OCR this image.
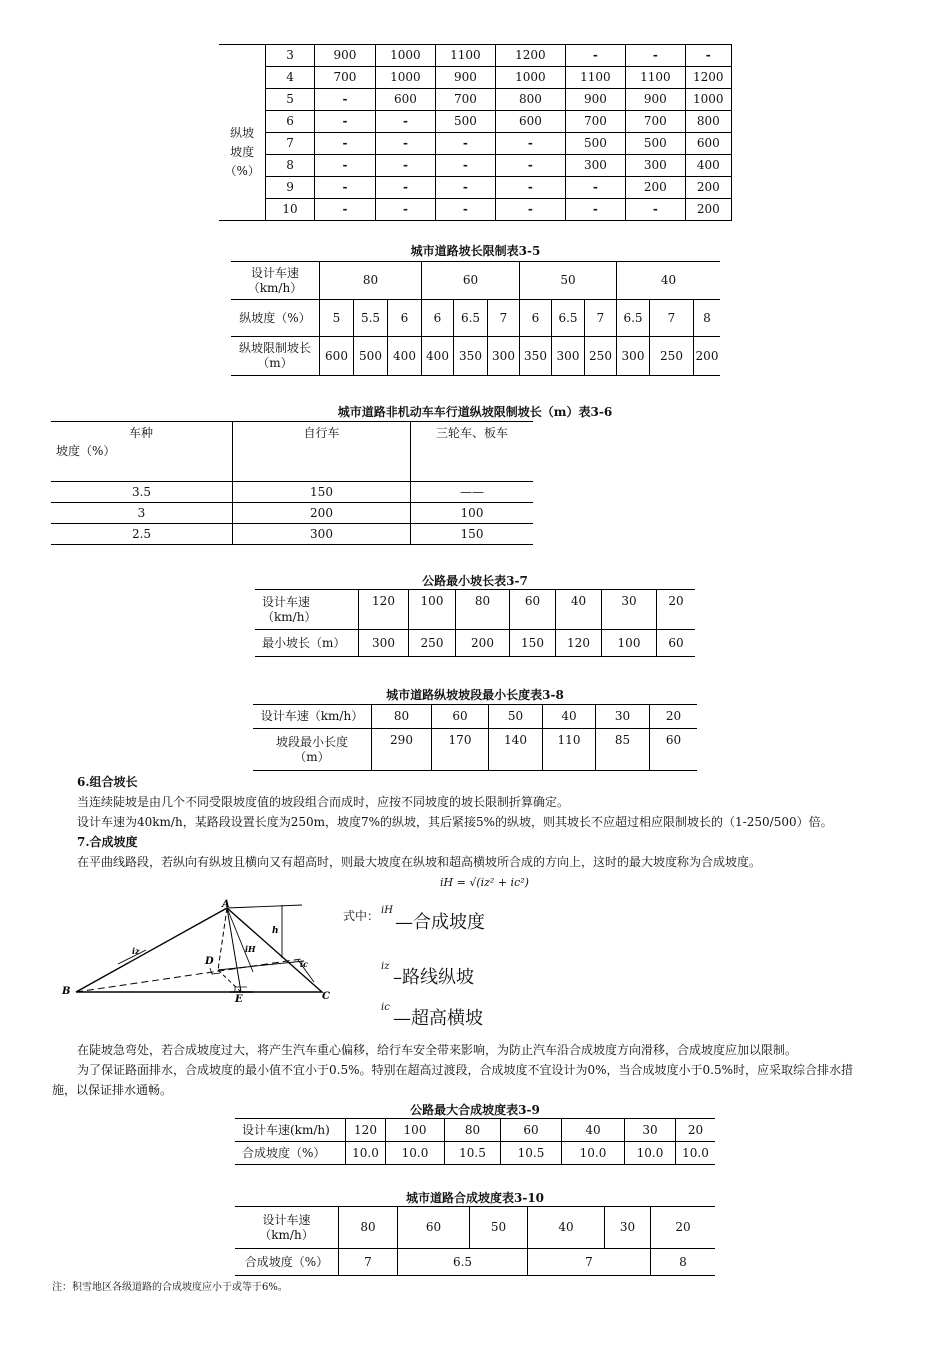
纵坡
坡度
（%）	3	900	1000	1100	1200	-	-	-
	4	700	1000	900	1000	1100	1100	1200
	5	-	600	700	800	900	900	1000
	6	-	-	500	600	700	700	800
	7	-	-	-	-	500	500	600
	8	-	-	-	-	300	300	400
	9	-	-	-	-	-	200	200
	10	-	-	-	-	-	-	200
城市道路坡长限制表3-5
设计车速
（km/h）	80			60			50			40		
纵坡度（%）	5	5.5	6	6	6.5	7	6	6.5	7	6.5	7	8
纵坡限制坡长
（m）	600	500	400	400	350	300	350	300	250	300	250	200
城市道路非机动车车行道纵坡限制坡长（m）表3-6
车种
坡度（%）	自行车	三轮车、板车
3.5	150	——
3	200	100
2.5	300	150
公路最小坡长表3-7
设计车速
（km/h）	120	100	80	60	40	30	20
最小坡长（m）	300	250	200	150	120	100	60
城市道路纵坡坡段最小长度表3-8
设计车速（km/h）	80	60	50	40	30	20
坡段最小长度
（m）	290	170	140	110	85	60
6.组合坡长
当连续陡坡是由几个不同受限坡度值的坡段组合而成时，应按不同坡度的坡长限制折算确定。
设计车速为40km/h，某路段设置长度为250m，坡度7%的纵坡，其后紧接5%的纵坡，则其坡长不应超过相应限制坡长的（1-250/500）倍。
7.合成坡度
在平曲线路段，若纵向有纵坡且横向又有超高时，则最大坡度在纵坡和超高横坡所合成的方向上，这时的最大坡度称为合成坡度。
iH = √(iz² + ic²)
A
B	C
D
E
iz	iH
ic
h
式中： iH
—合成坡度
iz
–路线纵坡
ic
—超高横坡
在陡坡急弯处，若合成坡度过大，将产生汽车重心偏移，给行车安全带来影响，为防止汽车沿合成坡度方向滑移，合成坡度应加以限制。
为了保证路面排水，合成坡度的最小值不宜小于0.5%。特别在超高过渡段，合成坡度不宜设计为0%，当合成坡度小于0.5%时，应采取综合排水措
施，以保证排水通畅。
公路最大合成坡度表3-9
设计车速(km/h)	120	100	80	60	40	30	20
合成坡度（%）	10.0	10.0	10.5	10.5	10.0	10.0	10.0
城市道路合成坡度表3-10
设计车速
（km/h）	80	60	50	40	30	20
合成坡度（%）	7	6.5		7		8
注：积雪地区各级道路的合成坡度应小于或等于6%。
